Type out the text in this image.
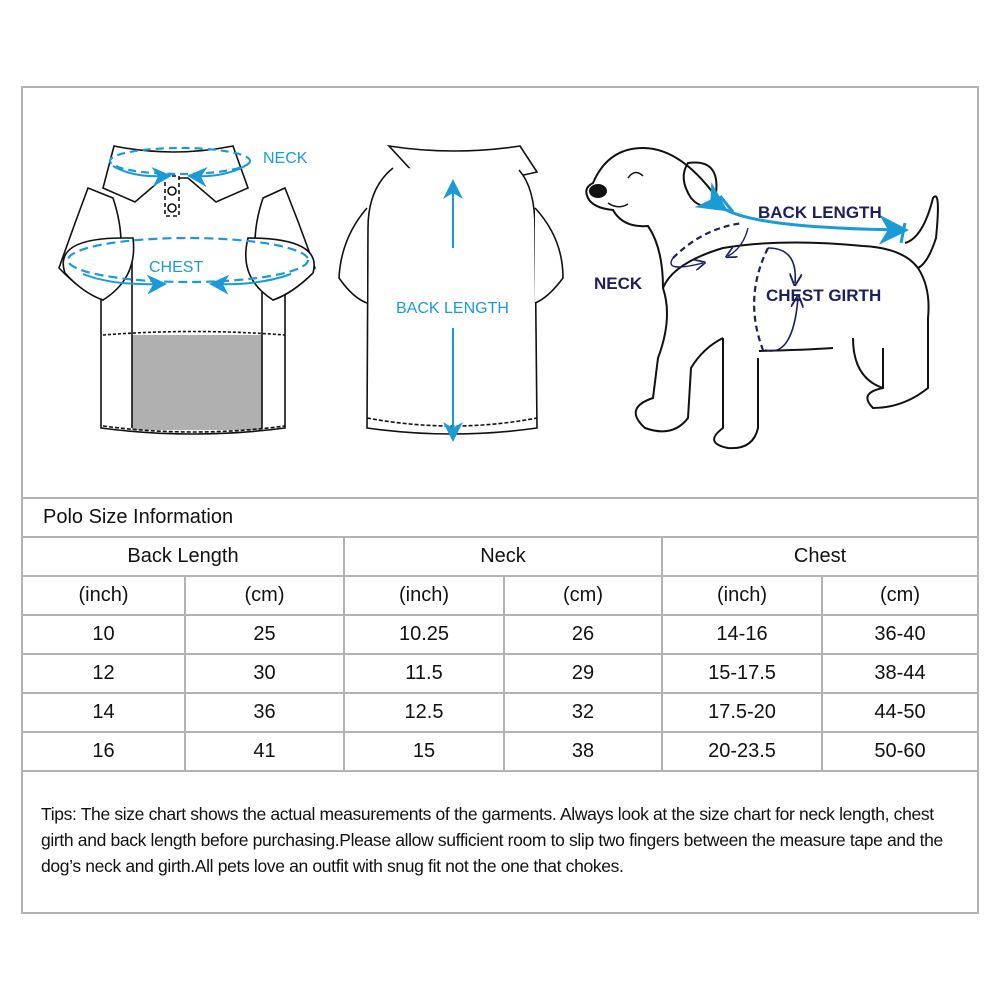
NECK
CHEST
BACK LENGTH
BACK LENGTH
NECK
CHEST GIRTH
Polo Size Information					
Back Length		Neck		Chest	
(inch)	(cm)	(inch)	(cm)	(inch)	(cm)
10	25	10.25	26	14-16	36-40
12	30	11.5	29	15-17.5	38-44
14	36	12.5	32	17.5-20	44-50
16	41	15	38	20-23.5	50-60
Tips: The size chart shows the actual measurements of the garments. Always look at the size chart for neck length, chest girth and back length before purchasing.Please allow sufficient room to slip two fingers between the measure tape and the dog’s neck and girth.All pets love an outfit with snug fit not the one that chokes.
